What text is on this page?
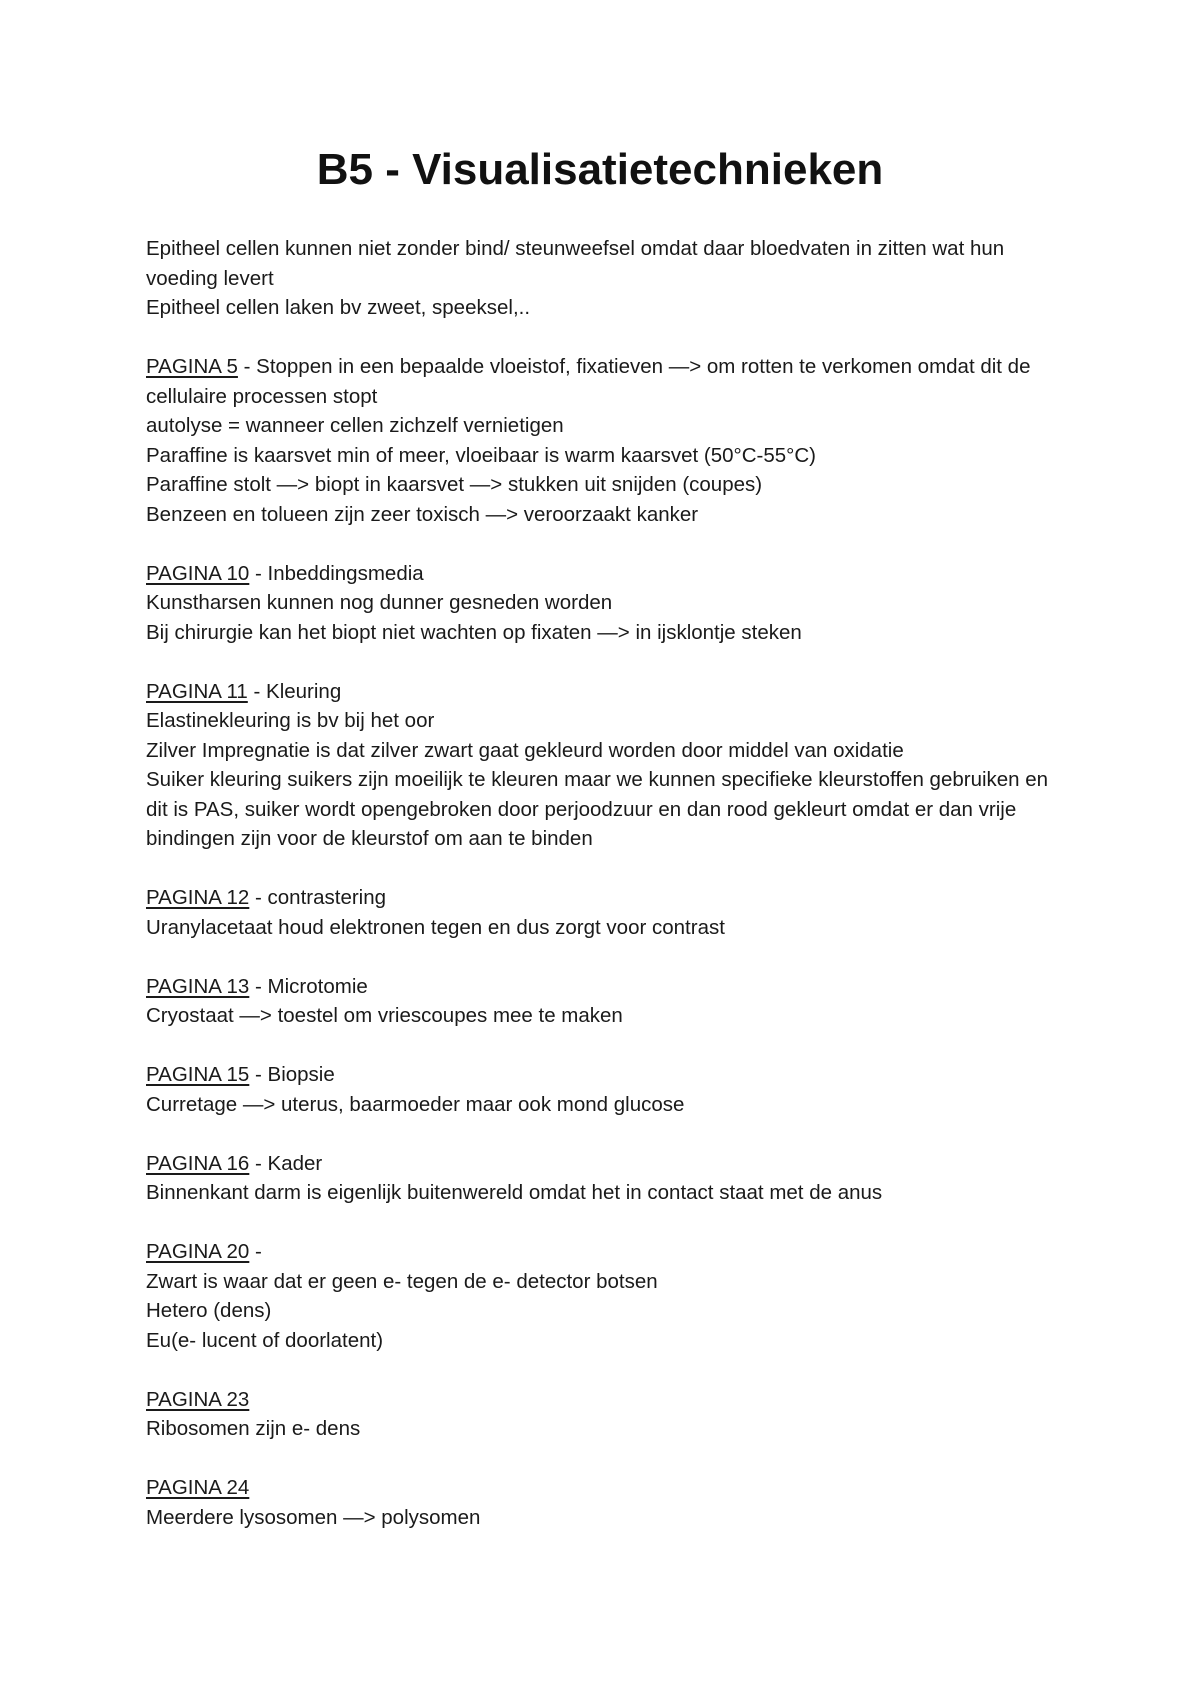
B5 - Visualisatietechnieken
Epitheel cellen kunnen niet zonder bind/ steunweefsel omdat daar bloedvaten in zitten wat hun voeding levert
Epitheel cellen laken bv zweet, speeksel,..
PAGINA 5 - Stoppen in een bepaalde vloeistof, fixatieven —> om rotten te verkomen omdat dit de cellulaire processen stopt
autolyse = wanneer cellen zichzelf vernietigen
Paraffine is kaarsvet min of meer, vloeibaar is warm kaarsvet (50°C-55°C)
Paraffine stolt —> biopt in kaarsvet —> stukken uit snijden (coupes)
Benzeen en tolueen zijn zeer toxisch —> veroorzaakt kanker
PAGINA 10 - Inbeddingsmedia
Kunstharsen kunnen nog dunner gesneden worden
Bij chirurgie kan het biopt niet wachten op fixaten —> in ijsklontje steken
PAGINA 11 - Kleuring
Elastinekleuring is bv bij het oor
Zilver Impregnatie is dat zilver zwart gaat gekleurd worden door middel van oxidatie
Suiker kleuring suikers zijn moeilijk te kleuren maar we kunnen specifieke kleurstoffen gebruiken en dit is PAS, suiker wordt opengebroken door perjoodzuur en dan rood gekleurt omdat er dan vrije bindingen zijn voor de kleurstof om aan te binden
PAGINA 12 - contrastering
Uranylacetaat houd elektronen tegen en dus zorgt voor contrast
PAGINA 13 - Microtomie
Cryostaat —> toestel om vriescoupes mee te maken
PAGINA 15 - Biopsie
Curretage —> uterus, baarmoeder maar ook mond glucose
PAGINA 16 - Kader
Binnenkant darm is eigenlijk buitenwereld omdat het in contact staat met de anus
PAGINA 20 -
Zwart is waar dat er geen e- tegen de e- detector botsen
Hetero (dens)
Eu(e- lucent of doorlatent)
PAGINA 23
Ribosomen zijn e- dens
PAGINA 24
Meerdere lysosomen —> polysomen
